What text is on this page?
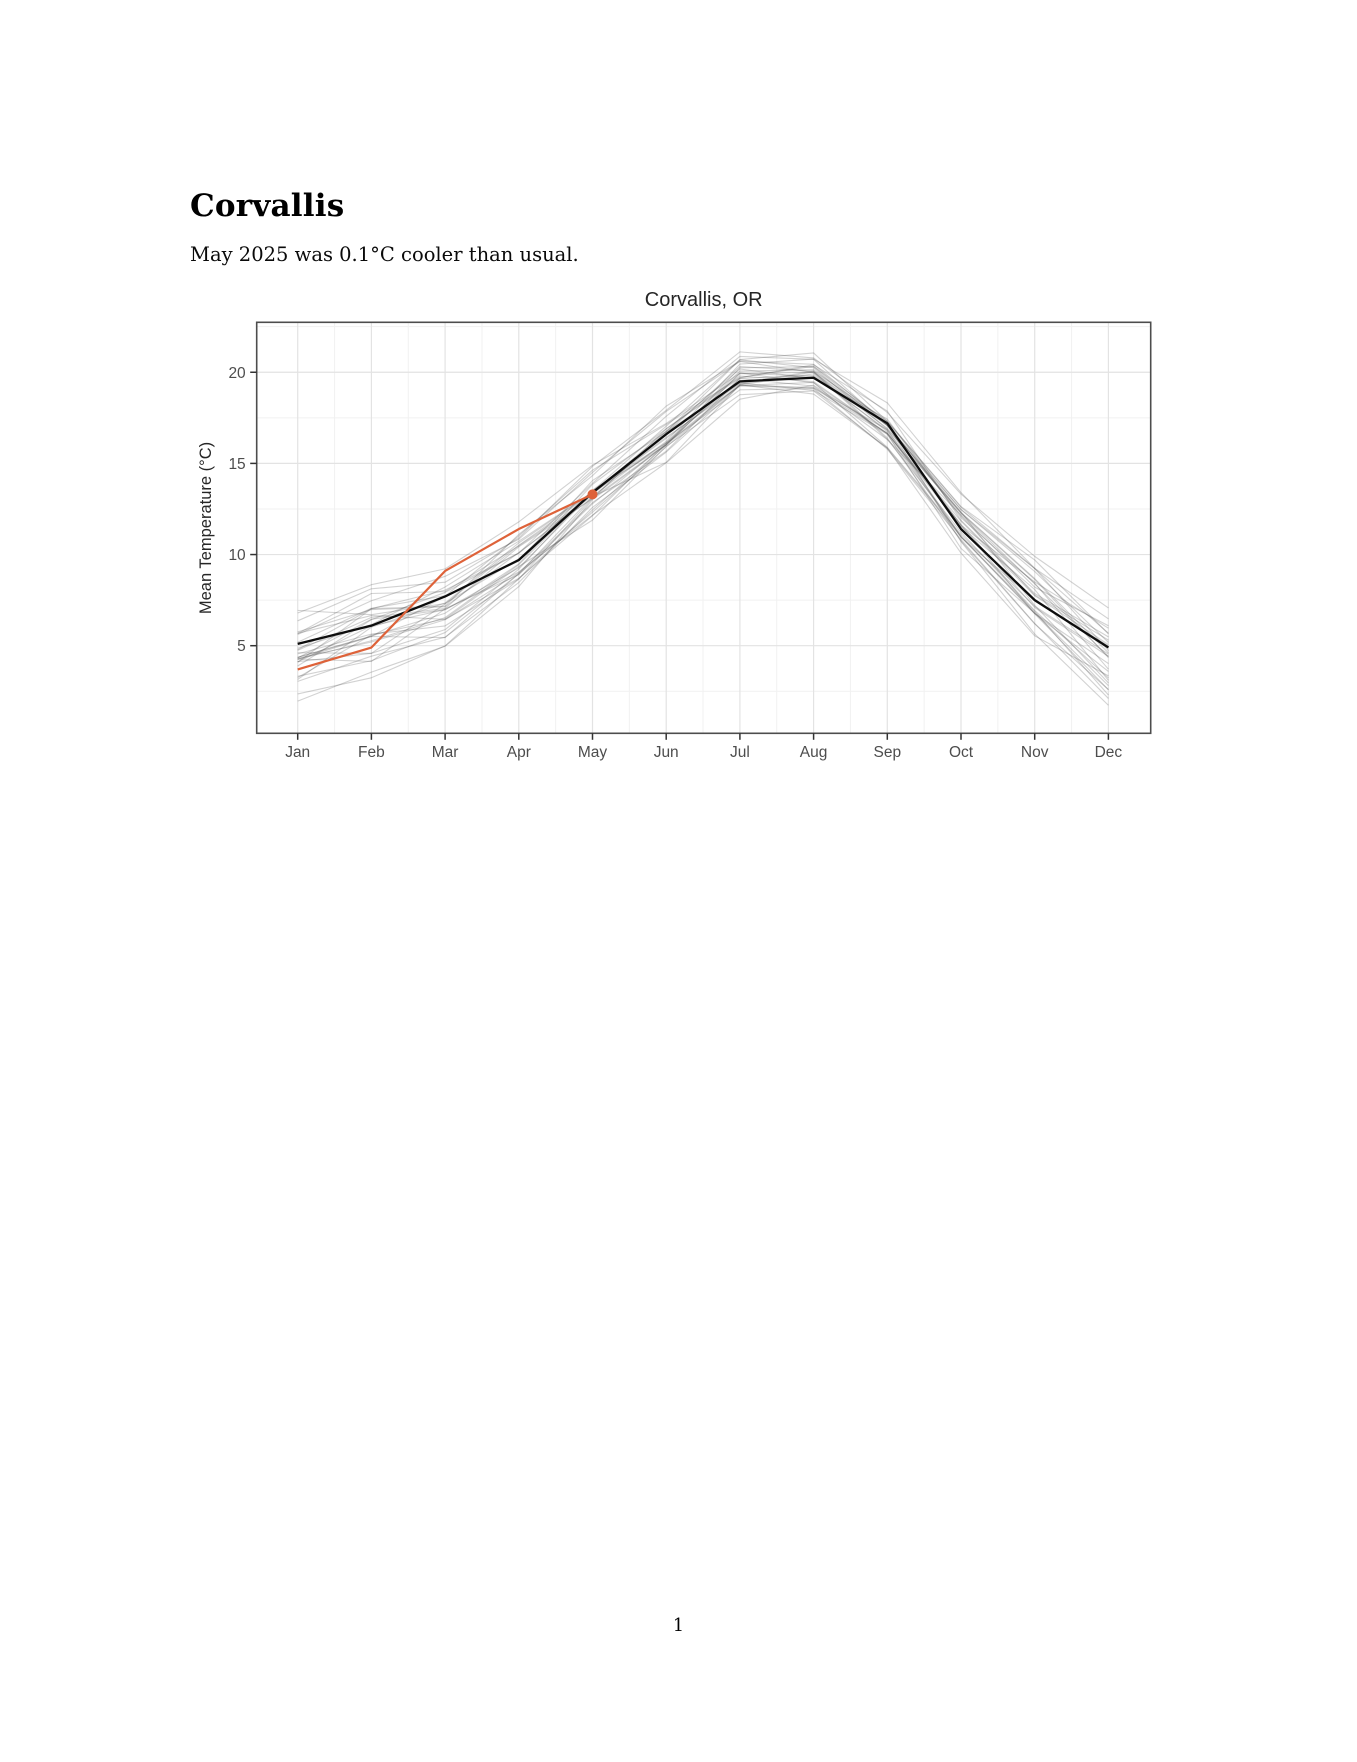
Corvallis

May 2025 was 0.1°C cooler than usual.

Jan	Feb	Mar	Apr	May	Jun	Jul	Aug	Sep	Oct	Nov	Dec
5
10
15
20
Corvallis, OR
Mean Temperature (°C)
1
